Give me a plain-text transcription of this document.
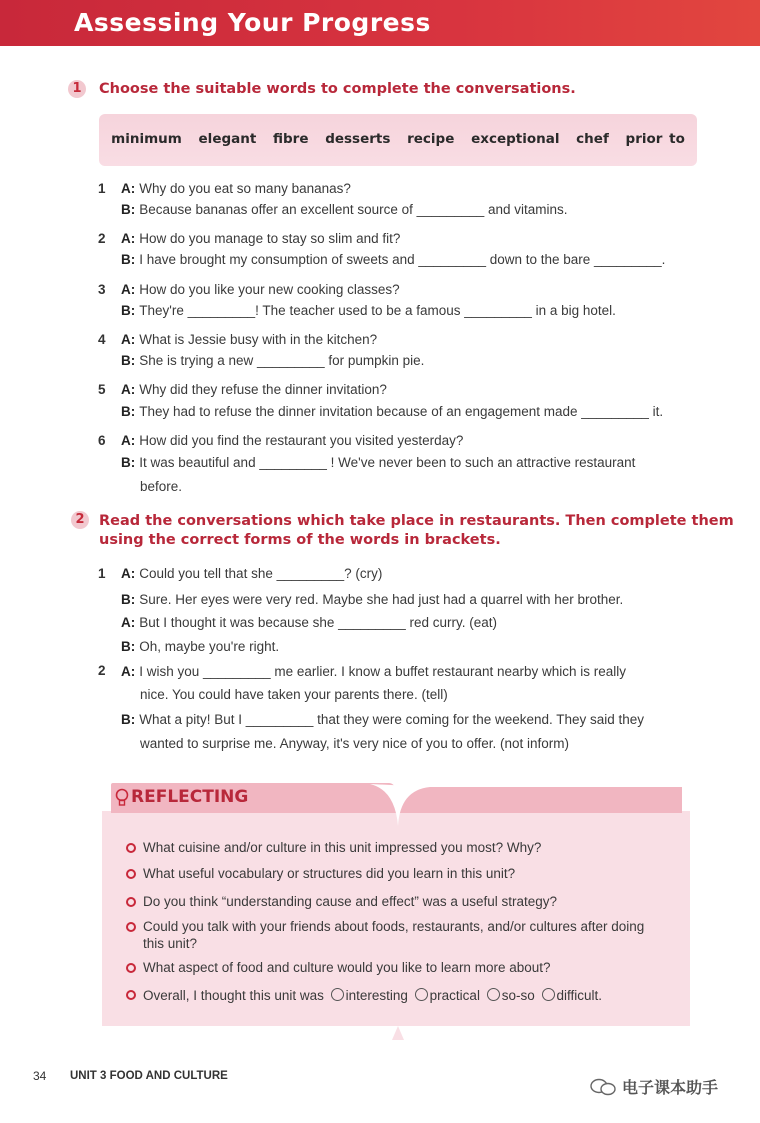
Assessing Your Progress
1	Choose the suitable words to complete the conversations.
minimum elegant fibre desserts recipe exceptional chef prior to
1 A: Why do you eat so many bananas?
B: Because bananas offer an excellent source of _________ and vitamins.
2 A: How do you manage to stay so slim and fit?
B: I have brought my consumption of sweets and _________ down to the bare _________.
3 A: How do you like your new cooking classes?
B: They're _________! The teacher used to be a famous _________ in a big hotel.
4 A: What is Jessie busy with in the kitchen?
B: She is trying a new _________ for pumpkin pie.
5 A: Why did they refuse the dinner invitation?
B: They had to refuse the dinner invitation because of an engagement made _________ it.
6 A: How did you find the restaurant you visited yesterday?
B: It was beautiful and _________ ! We've never been to such an attractive restaurant
before.
2 Read the conversations which take place in restaurants. Then complete them
using the correct forms of the words in brackets.
1 A: Could you tell that she _________? (cry)
B: Sure. Her eyes were very red. Maybe she had just had a quarrel with her brother.
A: But I thought it was because she _________ red curry. (eat)
B: Oh, maybe you're right.
2 A: I wish you _________ me earlier. I know a buffet restaurant nearby which is really
nice. You could have taken your parents there. (tell)
B: What a pity! But I _________ that they were coming for the weekend. They said they
wanted to surprise me. Anyway, it's very nice of you to offer. (not inform)
REFLECTING
What cuisine and/or culture in this unit impressed you most? Why?
What useful vocabulary or structures did you learn in this unit?
Do you think “understanding cause and effect” was a useful strategy?
Could you talk with your friends about foods, restaurants, and/or cultures after doing
this unit?
What aspect of food and culture would you like to learn more about?
Overall, I thought this unit was interesting practical so-so difficult.
34 UNIT 3 FOOD AND CULTURE
电子课本助手
